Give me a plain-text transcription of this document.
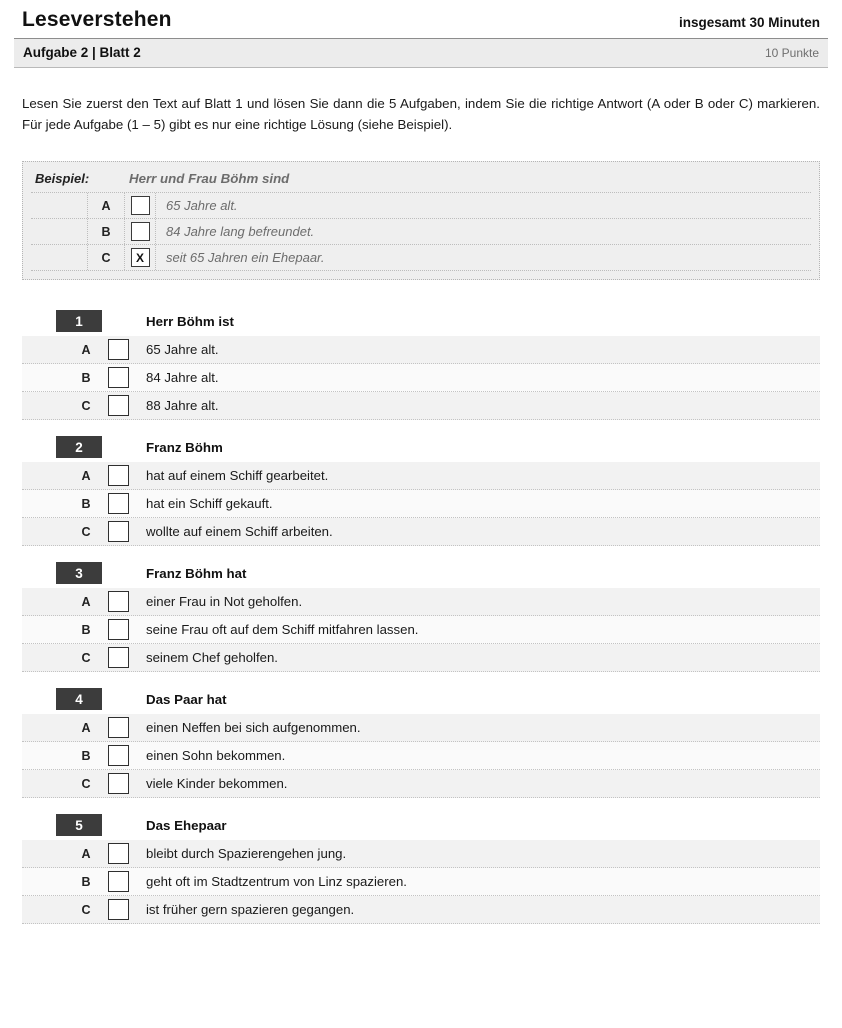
Leseverstehen	insgesamt 30 Minuten
Aufgabe 2 | Blatt 2	10 Punkte
Lesen Sie zuerst den Text auf Blatt 1 und lösen Sie dann die 5 Aufgaben, indem Sie die richtige Antwort (A oder B oder C) markieren. Für jede Aufgabe (1 – 5) gibt es nur eine richtige Lösung (siehe Beispiel).
Beispiel:	Herr und Frau Böhm sind
A	65 Jahre alt.
B	84 Jahre lang befreundet.
C	X	seit 65 Jahren ein Ehepaar.
1	Herr Böhm ist
A	65 Jahre alt.
B	84 Jahre alt.
C	88 Jahre alt.
2	Franz Böhm
A	hat auf einem Schiff gearbeitet.
B	hat ein Schiff gekauft.
C	wollte auf einem Schiff arbeiten.
3	Franz Böhm hat
A	einer Frau in Not geholfen.
B	seine Frau oft auf dem Schiff mitfahren lassen.
C	seinem Chef geholfen.
4	Das Paar hat
A	einen Neffen bei sich aufgenommen.
B	einen Sohn bekommen.
C	viele Kinder bekommen.
5	Das Ehepaar
A	bleibt durch Spazierengehen jung.
B	geht oft im Stadtzentrum von Linz spazieren.
C	ist früher gern spazieren gegangen.
